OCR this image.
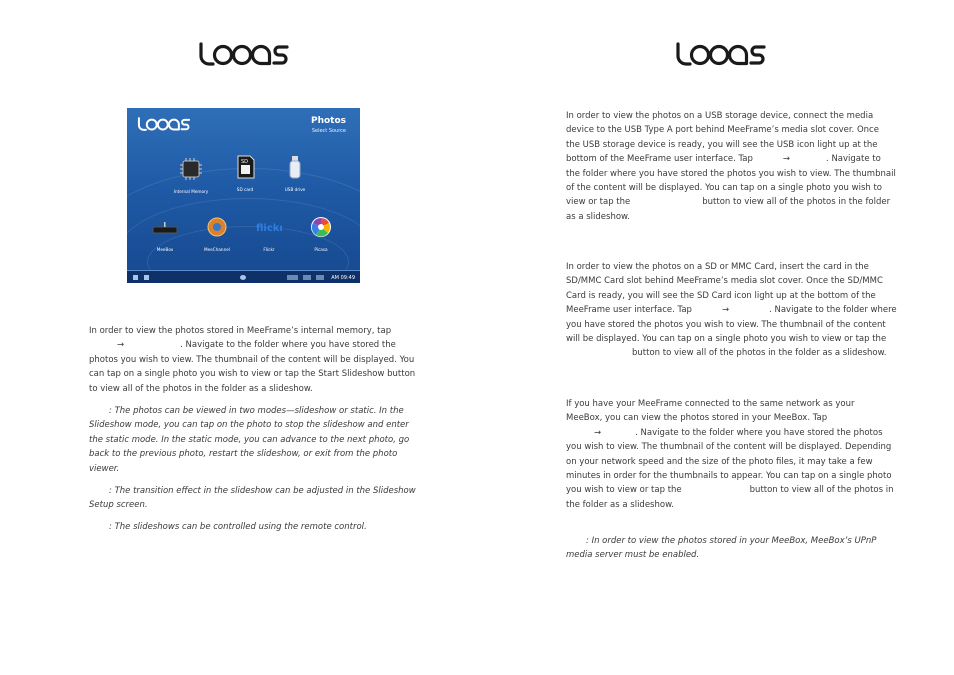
Photos
Select Source
Internal Memory
SD
SD card	USB drive
MeeBox	MeeChannel
flickr
Flickr	Picasa
AM 09:49

In order to view the photos stored in MeeFrame’s internal memory, tap
→	. Navigate to the folder where you have stored the
photos you wish to view. The thumbnail of the content will be displayed. You
can tap on a single photo you wish to view or tap the Start Slideshow button
to view all of the photos in the folder as a slideshow.

: The photos can be viewed in two modes—slideshow or static. In the
Slideshow mode, you can tap on the photo to stop the slideshow and enter
the static mode. In the static mode, you can advance to the next photo, go
back to the previous photo, restart the slideshow, or exit from the photo
viewer.

: The transition effect in the slideshow can be adjusted in the Slideshow
Setup screen.

: The slideshows can be controlled using the remote control.

In order to view the photos on a USB storage device, connect the media
device to the USB Type A port behind MeeFrame’s media slot cover. Once
the USB storage device is ready, you will see the USB icon light up at the
bottom of the MeeFrame user interface. Tap	→	. Navigate to
the folder where you have stored the photos you wish to view. The thumbnail
of the content will be displayed. You can tap on a single photo you wish to
view or tap the	button to view all of the photos in the folder
as a slideshow.

In order to view the photos on a SD or MMC Card, insert the card in the
SD/MMC Card slot behind MeeFrame’s media slot cover. Once the SD/MMC
Card is ready, you will see the SD Card icon light up at the bottom of the
MeeFrame user interface. Tap	→	. Navigate to the folder where
you have stored the photos you wish to view. The thumbnail of the content
will be displayed. You can tap on a single photo you wish to view or tap the
button to view all of the photos in the folder as a slideshow.

If you have your MeeFrame connected to the same network as your
MeeBox, you can view the photos stored in your MeeBox. Tap
→	. Navigate to the folder where you have stored the photos
you wish to view. The thumbnail of the content will be displayed. Depending
on your network speed and the size of the photo files, it may take a few
minutes in order for the thumbnails to appear. You can tap on a single photo
you wish to view or tap the	button to view all of the photos in
the folder as a slideshow.

: In order to view the photos stored in your MeeBox, MeeBox’s UPnP
media server must be enabled.
